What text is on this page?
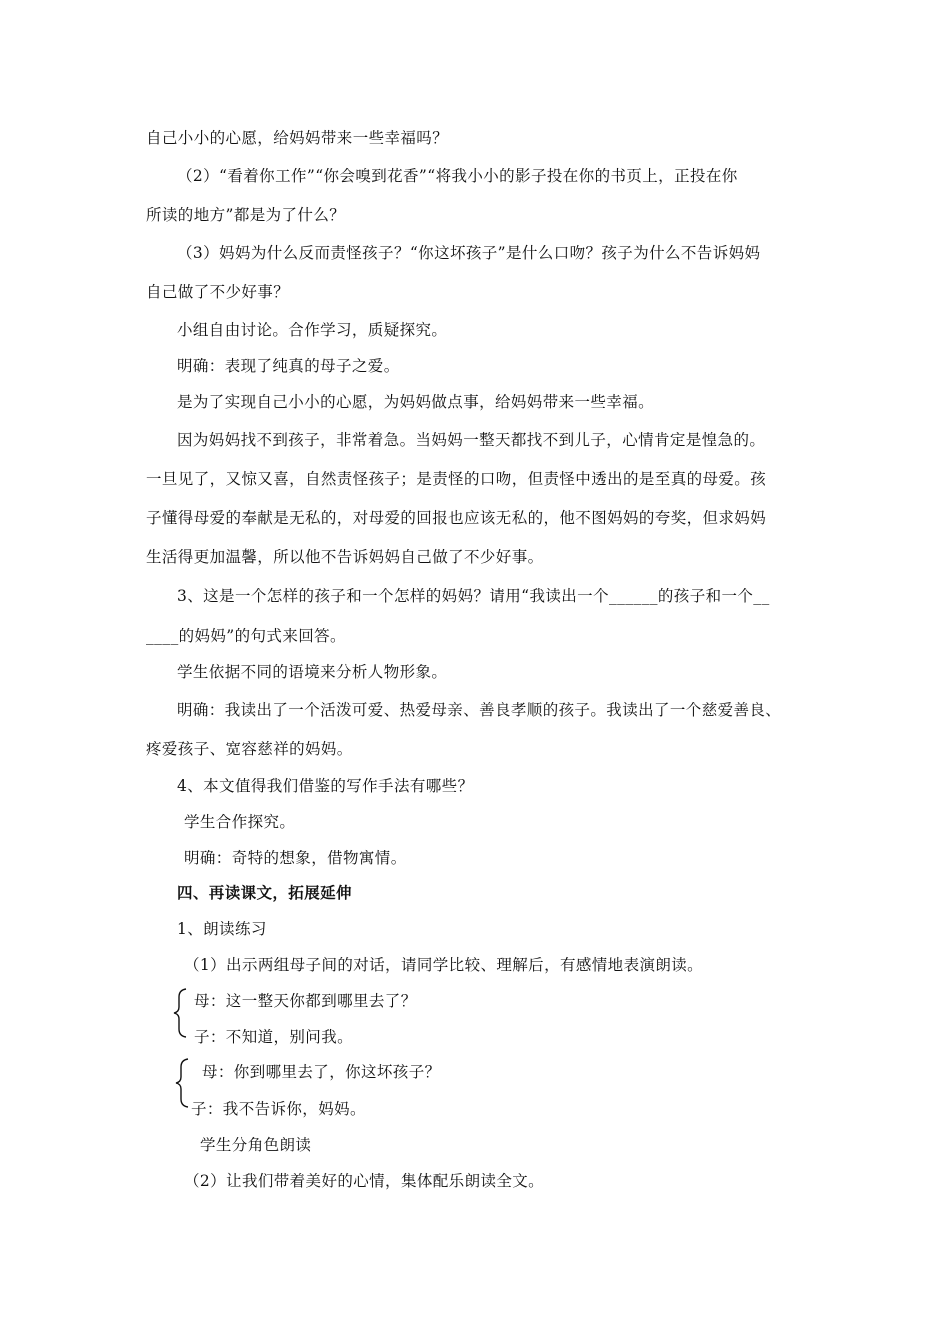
自己小小的心愿，给妈妈带来一些幸福吗？
（2）“看着你工作”“你会嗅到花香”“将我小小的影子投在你的书页上，正投在你
所读的地方”都是为了什么？
（3）妈妈为什么反而责怪孩子？“你这坏孩子”是什么口吻？孩子为什么不告诉妈妈
自己做了不少好事？
小组自由讨论。合作学习，质疑探究。
明确：表现了纯真的母子之爱。
是为了实现自己小小的心愿，为妈妈做点事，给妈妈带来一些幸福。
因为妈妈找不到孩子，非常着急。当妈妈一整天都找不到儿子，心情肯定是惶急的。
一旦见了，又惊又喜，自然责怪孩子；是责怪的口吻，但责怪中透出的是至真的母爱。孩
子懂得母爱的奉献是无私的，对母爱的回报也应该无私的，他不图妈妈的夸奖，但求妈妈
生活得更加温馨，所以他不告诉妈妈自己做了不少好事。
3、这是一个怎样的孩子和一个怎样的妈妈？请用“我读出一个______的孩子和一个__
____的妈妈”的句式来回答。
学生依据不同的语境来分析人物形象。
明确：我读出了一个活泼可爱、热爱母亲、善良孝顺的孩子。我读出了一个慈爱善良、
疼爱孩子、宽容慈祥的妈妈。
4、本文值得我们借鉴的写作手法有哪些？
学生合作探究。
明确：奇特的想象，借物寓情。
四、再读课文，拓展延伸
1、朗读练习
（1）出示两组母子间的对话，请同学比较、理解后，有感情地表演朗读。
母：这一整天你都到哪里去了？
子：不知道，别问我。
母：你到哪里去了，你这坏孩子？
子：我不告诉你，妈妈。
学生分角色朗读
（2）让我们带着美好的心情，集体配乐朗读全文。
